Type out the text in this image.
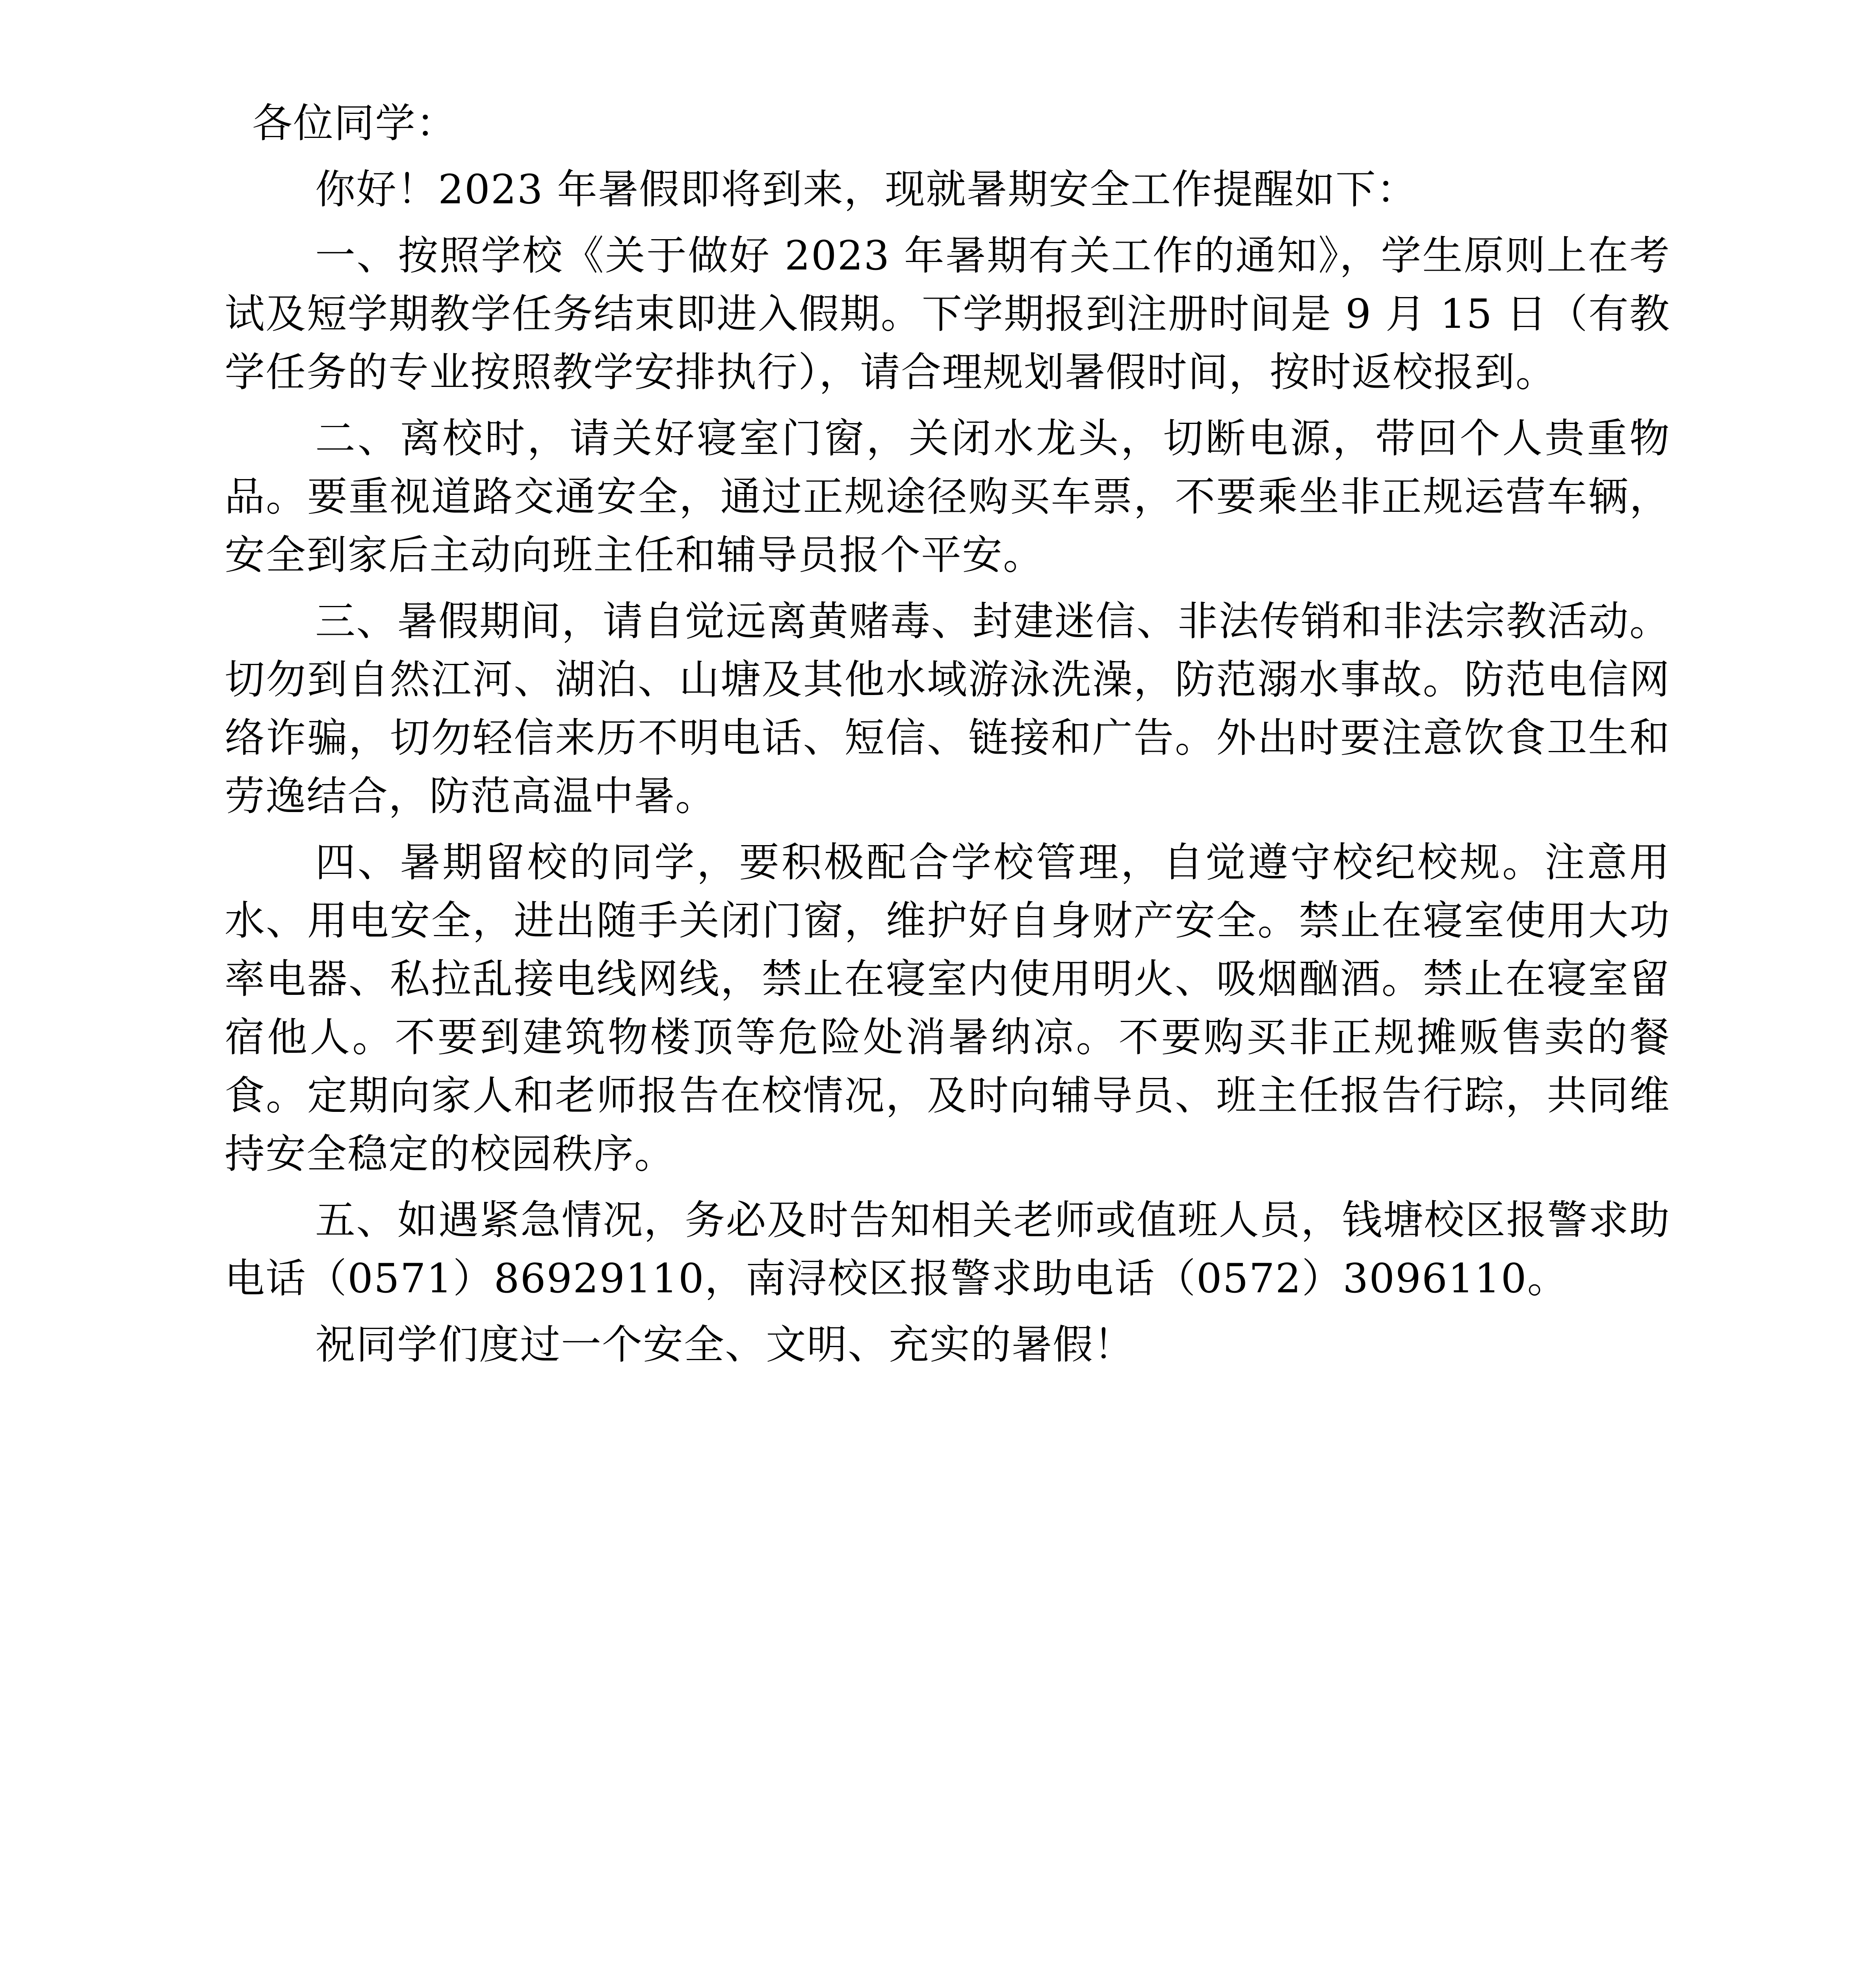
各位同学：

你好！2023 年暑假即将到来，现就暑期安全工作提醒如下：

一、按照学校《关于做好 2023 年暑期有关工作的通知》，学生原则上在考试及短学期教学任务结束即进入假期。下学期报到注册时间是 9 月 15 日（有教学任务的专业按照教学安排执行），请合理规划暑假时间，按时返校报到。

二、离校时，请关好寝室门窗，关闭水龙头，切断电源，带回个人贵重物品。要重视道路交通安全，通过正规途径购买车票，不要乘坐非正规运营车辆，安全到家后主动向班主任和辅导员报个平安。

三、暑假期间，请自觉远离黄赌毒、封建迷信、非法传销和非法宗教活动。切勿到自然江河、湖泊、山塘及其他水域游泳洗澡，防范溺水事故。防范电信网络诈骗，切勿轻信来历不明电话、短信、链接和广告。外出时要注意饮食卫生和劳逸结合，防范高温中暑。

四、暑期留校的同学，要积极配合学校管理，自觉遵守校纪校规。注意用水、用电安全，进出随手关闭门窗，维护好自身财产安全。禁止在寝室使用大功率电器、私拉乱接电线网线，禁止在寝室内使用明火、吸烟酗酒。禁止在寝室留宿他人。不要到建筑物楼顶等危险处消暑纳凉。不要购买非正规摊贩售卖的餐食。定期向家人和老师报告在校情况，及时向辅导员、班主任报告行踪，共同维持安全稳定的校园秩序。

五、如遇紧急情况，务必及时告知相关老师或值班人员，钱塘校区报警求助电话（0571）86929110，南浔校区报警求助电话（0572）3096110。

祝同学们度过一个安全、文明、充实的暑假！
